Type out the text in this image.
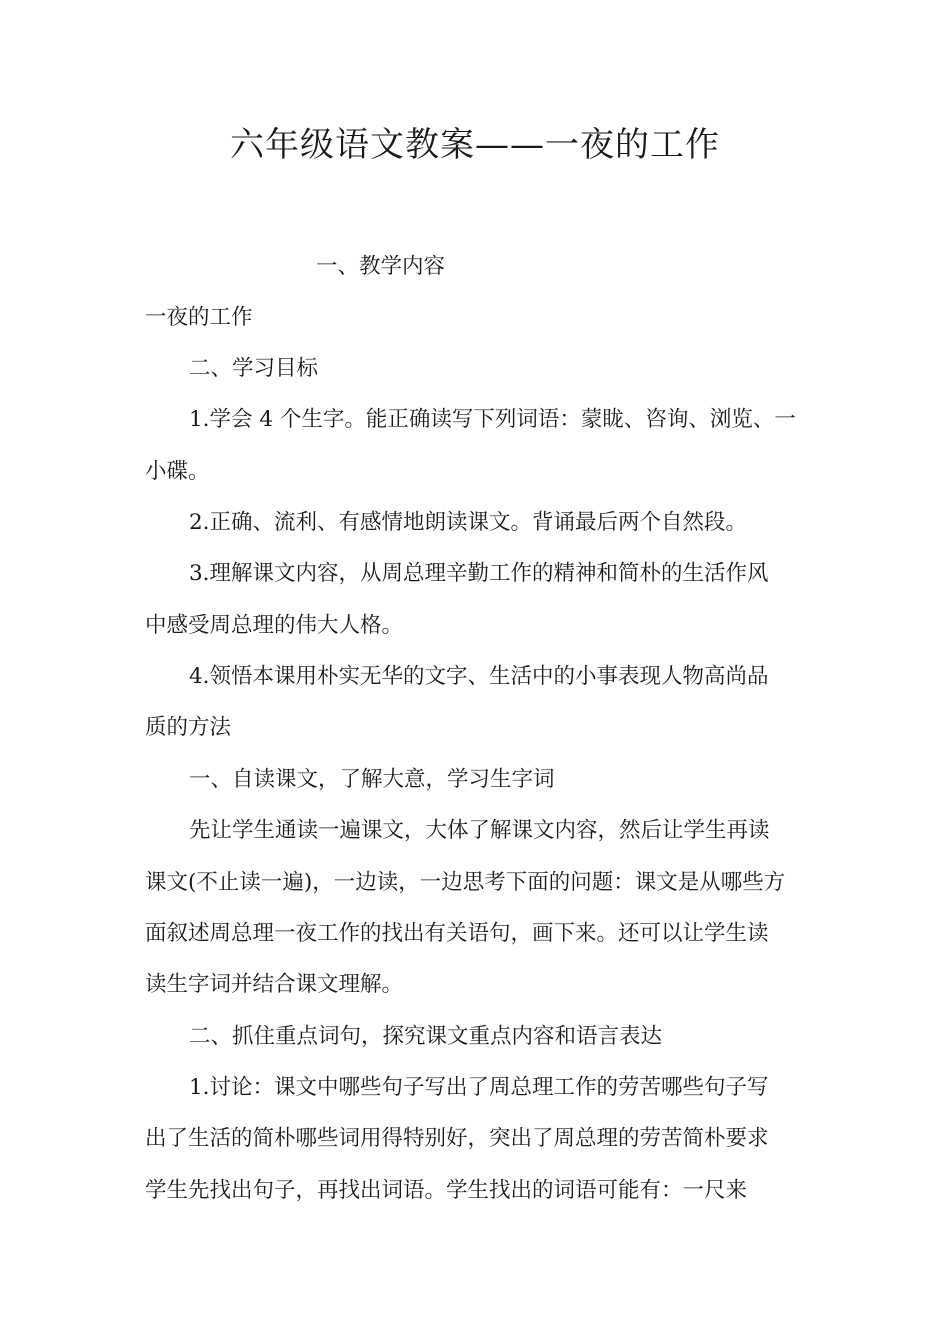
六年级语文教案——一夜的工作
一、教学内容
一夜的工作
二、学习目标
1.学会 4 个生字。能正确读写下列词语：蒙眬、咨询、浏览、一
小碟。
2.正确、流利、有感情地朗读课文。背诵最后两个自然段。
3.理解课文内容，从周总理辛勤工作的精神和简朴的生活作风
中感受周总理的伟大人格。
4.领悟本课用朴实无华的文字、生活中的小事表现人物高尚品
质的方法
一、自读课文，了解大意，学习生字词
先让学生通读一遍课文，大体了解课文内容，然后让学生再读
课文(不止读一遍)，一边读，一边思考下面的问题：课文是从哪些方
面叙述周总理一夜工作的找出有关语句，画下来。还可以让学生读
读生字词并结合课文理解。
二、抓住重点词句，探究课文重点内容和语言表达
1.讨论：课文中哪些句子写出了周总理工作的劳苦哪些句子写
出了生活的简朴哪些词用得特别好，突出了周总理的劳苦简朴要求
学生先找出句子，再找出词语。学生找出的词语可能有：一尺来
